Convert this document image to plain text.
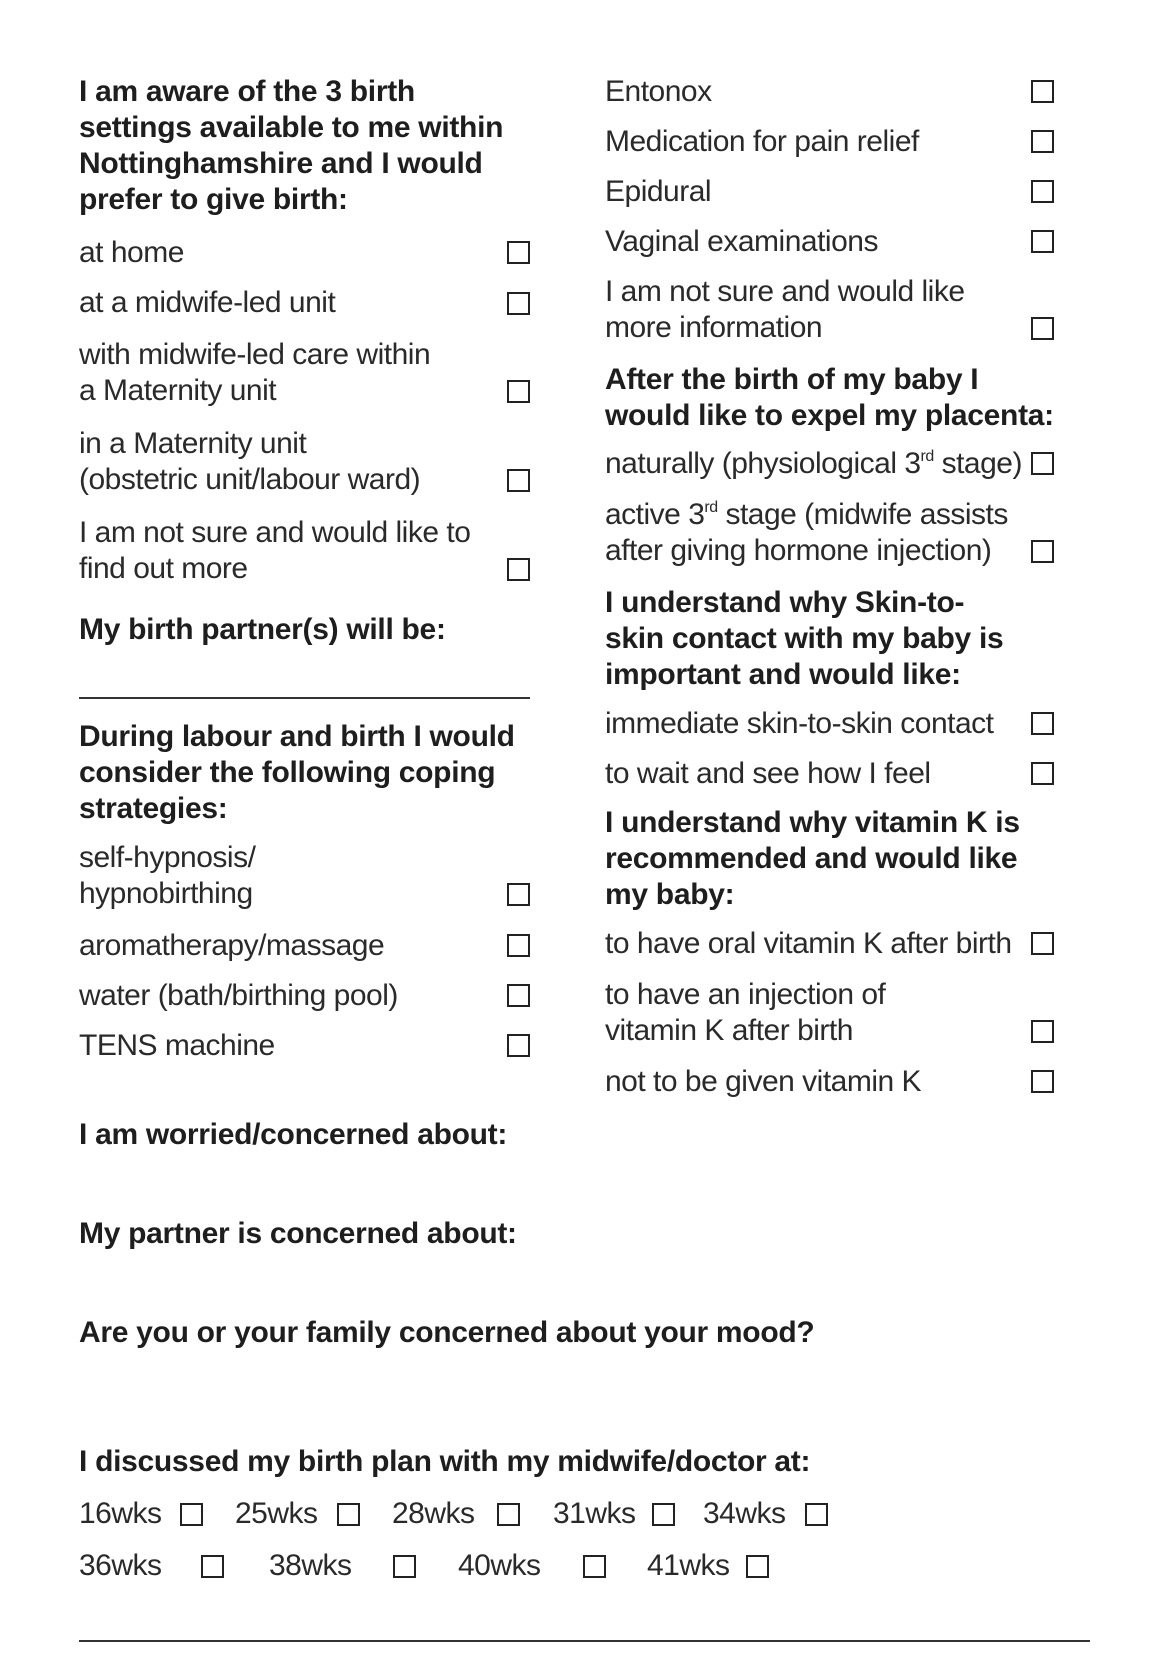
I am aware of the 3 birth
settings available to me within
Nottinghamshire and I would
prefer to give birth:
at home
at a midwife-led unit
with midwife-led care within
a Maternity unit
in a Maternity unit
(obstetric unit/labour ward)
I am not sure and would like to
find out more
My birth partner(s) will be:
During labour and birth I would
consider the following coping
strategies:
self-hypnosis/
hypnobirthing
aromatherapy/massage
water (bath/birthing pool)
TENS machine
Entonox
Medication for pain relief
Epidural
Vaginal examinations
I am not sure and would like
more information
After the birth of my baby I
would like to expel my placenta:
naturally (physiological 3rd stage)
active 3rd stage (midwife assists
after giving hormone injection)
I understand why Skin-to-
skin contact with my baby is
important and would like:
immediate skin-to-skin contact
to wait and see how I feel
I understand why vitamin K is
recommended and would like
my baby:
to have oral vitamin K after birth
to have an injection of
vitamin K after birth
not to be given vitamin K
I am worried/concerned about:
My partner is concerned about:
Are you or your family concerned about your mood?
I discussed my birth plan with my midwife/doctor at:
16wks 25wks 28wks	31wks 34wks
36wks	38wks	40wks	41wks
